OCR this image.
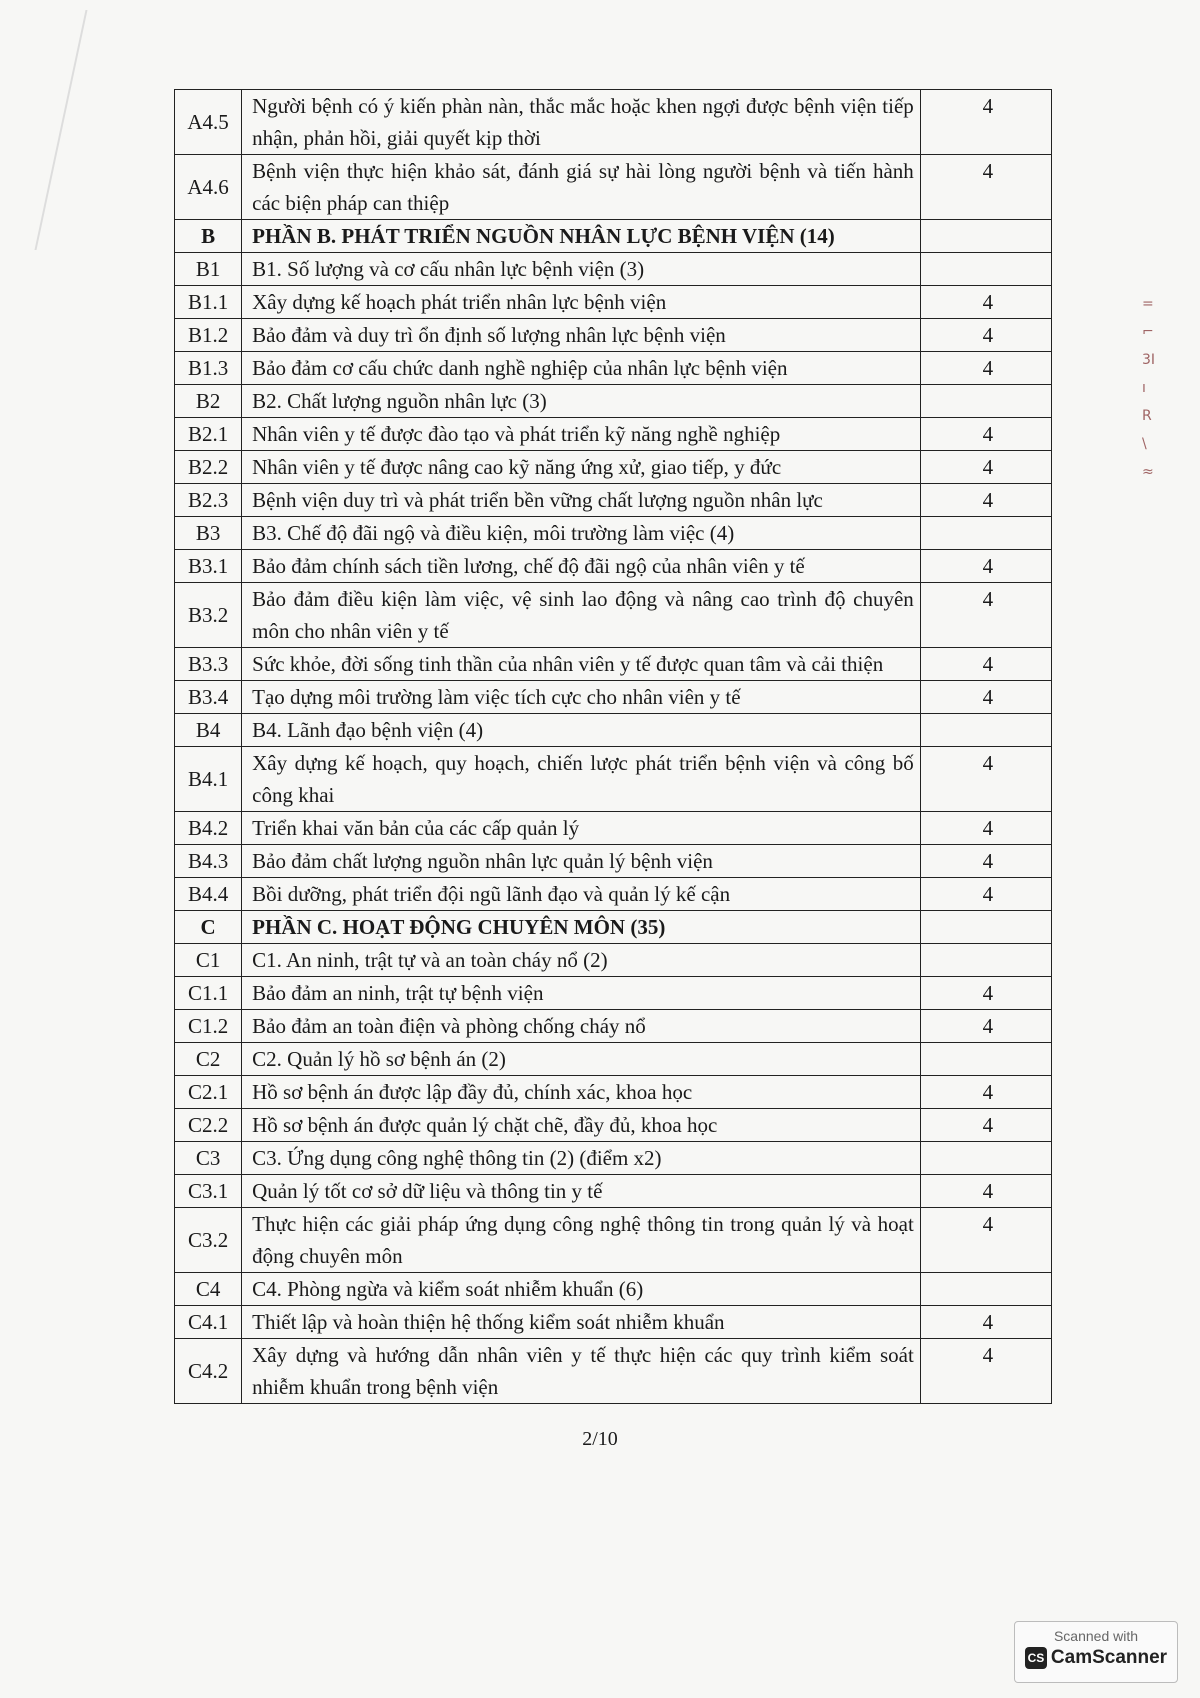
A4.5	Người bệnh có ý kiến phàn nàn, thắc mắc hoặc khen ngợi được bệnh viện tiếp nhận, phản hồi, giải quyết kịp thời	4
A4.6	Bệnh viện thực hiện khảo sát, đánh giá sự hài lòng người bệnh và tiến hành các biện pháp can thiệp	4
B	PHẦN B. PHÁT TRIỂN NGUỒN NHÂN LỰC BỆNH VIỆN (14)	
B1	B1. Số lượng và cơ cấu nhân lực bệnh viện (3)	
B1.1	Xây dựng kế hoạch phát triển nhân lực bệnh viện	4
B1.2	Bảo đảm và duy trì ổn định số lượng nhân lực bệnh viện	4
B1.3	Bảo đảm cơ cấu chức danh nghề nghiệp của nhân lực bệnh viện	4
B2	B2. Chất lượng nguồn nhân lực (3)	
B2.1	Nhân viên y tế được đào tạo và phát triển kỹ năng nghề nghiệp	4
B2.2	Nhân viên y tế được nâng cao kỹ năng ứng xử, giao tiếp, y đức	4
B2.3	Bệnh viện duy trì và phát triển bền vững chất lượng nguồn nhân lực	4
B3	B3. Chế độ đãi ngộ và điều kiện, môi trường làm việc (4)	
B3.1	Bảo đảm chính sách tiền lương, chế độ đãi ngộ của nhân viên y tế	4
B3.2	Bảo đảm điều kiện làm việc, vệ sinh lao động và nâng cao trình độ chuyên môn cho nhân viên y tế	4
B3.3	Sức khỏe, đời sống tinh thần của nhân viên y tế được quan tâm và cải thiện	4
B3.4	Tạo dựng môi trường làm việc tích cực cho nhân viên y tế	4
B4	B4. Lãnh đạo bệnh viện (4)	
B4.1	Xây dựng kế hoạch, quy hoạch, chiến lược phát triển bệnh viện và công bố công khai	4
B4.2	Triển khai văn bản của các cấp quản lý	4
B4.3	Bảo đảm chất lượng nguồn nhân lực quản lý bệnh viện	4
B4.4	Bồi dưỡng, phát triển đội ngũ lãnh đạo và quản lý kế cận	4
C	PHẦN C. HOẠT ĐỘNG CHUYÊN MÔN (35)	
C1	C1. An ninh, trật tự và an toàn cháy nổ (2)	
C1.1	Bảo đảm an ninh, trật tự bệnh viện	4
C1.2	Bảo đảm an toàn điện và phòng chống cháy nổ	4
C2	C2. Quản lý hồ sơ bệnh án (2)	
C2.1	Hồ sơ bệnh án được lập đầy đủ, chính xác, khoa học	4
C2.2	Hồ sơ bệnh án được quản lý chặt chẽ, đầy đủ, khoa học	4
C3	C3. Ứng dụng công nghệ thông tin (2) (điểm x2)	
C3.1	Quản lý tốt cơ sở dữ liệu và thông tin y tế	4
C3.2	Thực hiện các giải pháp ứng dụng công nghệ thông tin trong quản lý và hoạt động chuyên môn	4
C4	C4. Phòng ngừa và kiểm soát nhiễm khuẩn (6)	
C4.1	Thiết lập và hoàn thiện hệ thống kiểm soát nhiễm khuẩn	4
C4.2	Xây dựng và hướng dẫn nhân viên y tế thực hiện các quy trình kiểm soát nhiễm khuẩn trong bệnh viện	4
=
⌐
3I
ı
R
\
≈
2/10
Scanned with
CS CamScanner
